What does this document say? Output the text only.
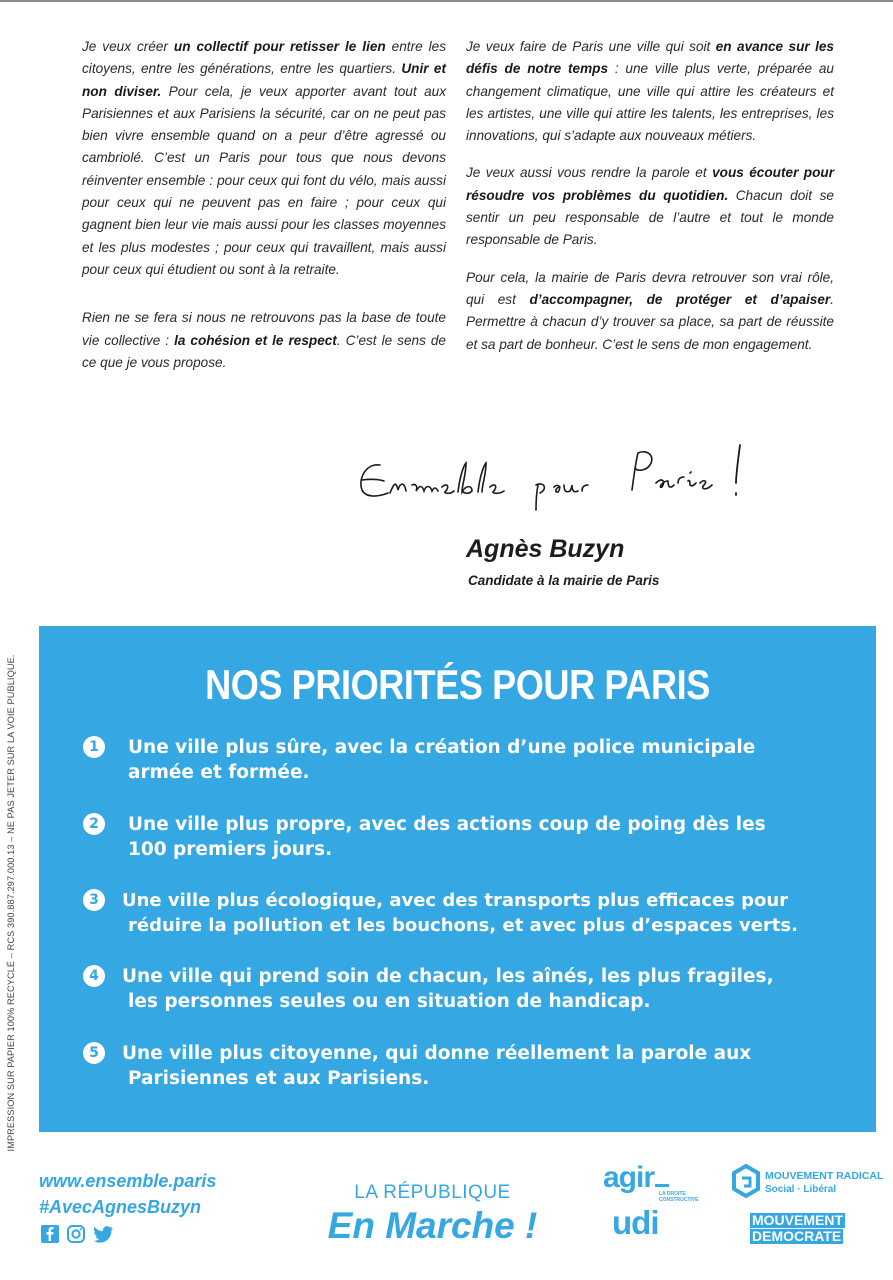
Je veux créer un collectif pour retisser le lien entre les citoyens, entre les générations, entre les quartiers. Unir et non diviser. Pour cela, je veux apporter avant tout aux Parisiennes et aux Parisiens la sécurité, car on ne peut pas bien vivre ensemble quand on a peur d’être agressé ou cambriolé. C’est un Paris pour tous que nous devons réinventer ensemble : pour ceux qui font du vélo, mais aussi pour ceux qui ne peuvent pas en faire ; pour ceux qui gagnent bien leur vie mais aussi pour les classes moyennes et les plus modestes ; pour ceux qui travaillent, mais aussi pour ceux qui étudient ou sont à la retraite.

Rien ne se fera si nous ne retrouvons pas la base de toute vie collective : la cohésion et le respect. C’est le sens de ce que je vous propose.

Je veux faire de Paris une ville qui soit en avance sur les défis de notre temps : une ville plus verte, préparée au changement climatique, une ville qui attire les créateurs et les artistes, une ville qui attire les talents, les entreprises, les innovations, qui s’adapte aux nouveaux métiers.

Je veux aussi vous rendre la parole et vous écouter pour résoudre vos problèmes du quotidien. Chacun doit se sentir un peu responsable de l’autre et tout le monde responsable de Paris.

Pour cela, la mairie de Paris devra retrouver son vrai rôle, qui est d’accompagner, de protéger et d’apaiser. Permettre à chacun d’y trouver sa place, sa part de réussite et sa part de bonheur. C’est le sens de mon engagement.

Agnès Buzyn
Candidate à la mairie de Paris
IMPRESSION SUR PAPIER 100% RECYCLÉ – RCS 390.887.297.000.13 – NE PAS JETER SUR LA VOIE PUBLIQUE.	NOS PRIORITÉS POUR PARIS
1	Une ville plus sûre, avec la création d’une police municipale
armée et formée.
2	Une ville plus propre, avec des actions coup de poing dès les
100 premiers jours.
3	Une ville plus écologique, avec des transports plus efficaces pour
réduire la pollution et les bouchons, et avec plus d’espaces verts.
4	Une ville qui prend soin de chacun, les aînés, les plus fragiles,
les personnes seules ou en situation de handicap.
5	Une ville plus citoyenne, qui donne réellement la parole aux
Parisiennes et aux Parisiens.
www.ensemble.paris
#AvecAgnesBuzyn
LA RÉPUBLIQUE
En Marche !
agir LA DROITE CONSTRUCTIVE
udi
MOUVEMENT RADICAL
Social · Libéral
MOUVEMENT
DEMOCRATE
